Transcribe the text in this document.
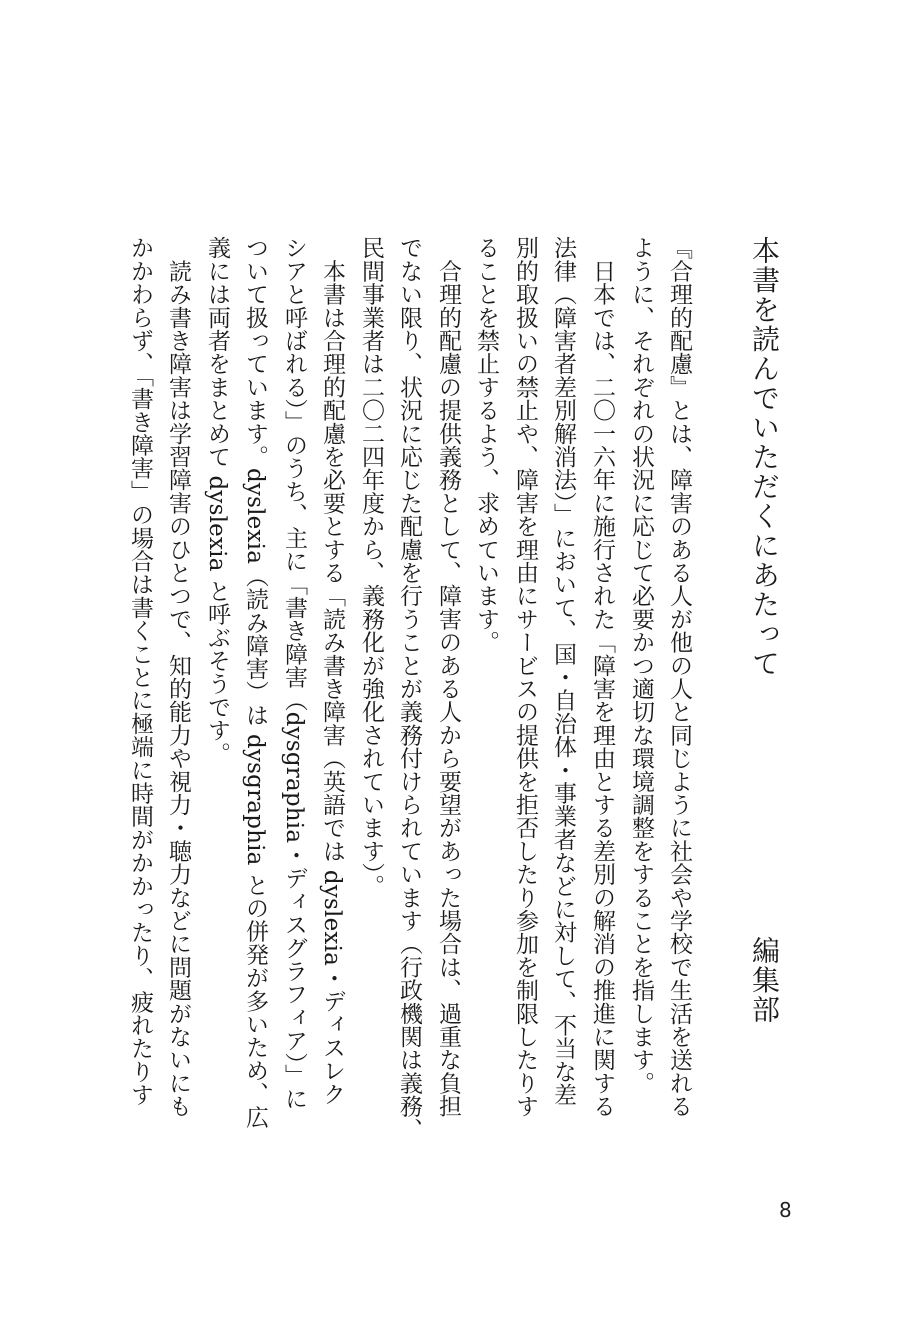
本書を読んでいただくにあたって
編集部
『合理的配慮』とは、障害のある人が他の人と同じように社会や学校で生活を送れる
ように、それぞれの状況に応じて必要かつ適切な環境調整をすることを指します。
　日本では、二〇一六年に施行された「障害を理由とする差別の解消の推進に関する
法律（障害者差別解消法）」において、国・自治体・事業者などに対して、不当な差
別的取扱いの禁止や、障害を理由にサービスの提供を拒否したり参加を制限したりす
ることを禁止するよう、求めています。
　合理的配慮の提供義務として、障害のある人から要望があった場合は、過重な負担
でない限り、状況に応じた配慮を行うことが義務付けられています（行政機関は義務、
民間事業者は二〇二四年度から、義務化が強化されています）。
　本書は合理的配慮を必要とする「読み書き障害（英語では dyslexia・ディスレク
シアと呼ばれる）」のうち、主に「書き障害（dysgraphia・ディスグラフィア）」に
ついて扱っています。dyslexia（読み障害）は dysgraphia との併発が多いため、広
義には両者をまとめて dyslexia と呼ぶそうです。
　読み書き障害は学習障害のひとつで、知的能力や視力・聴力などに問題がないにも
かかわらず、「書き障害」の場合は書くことに極端に時間がかかったり、疲れたりす
8
